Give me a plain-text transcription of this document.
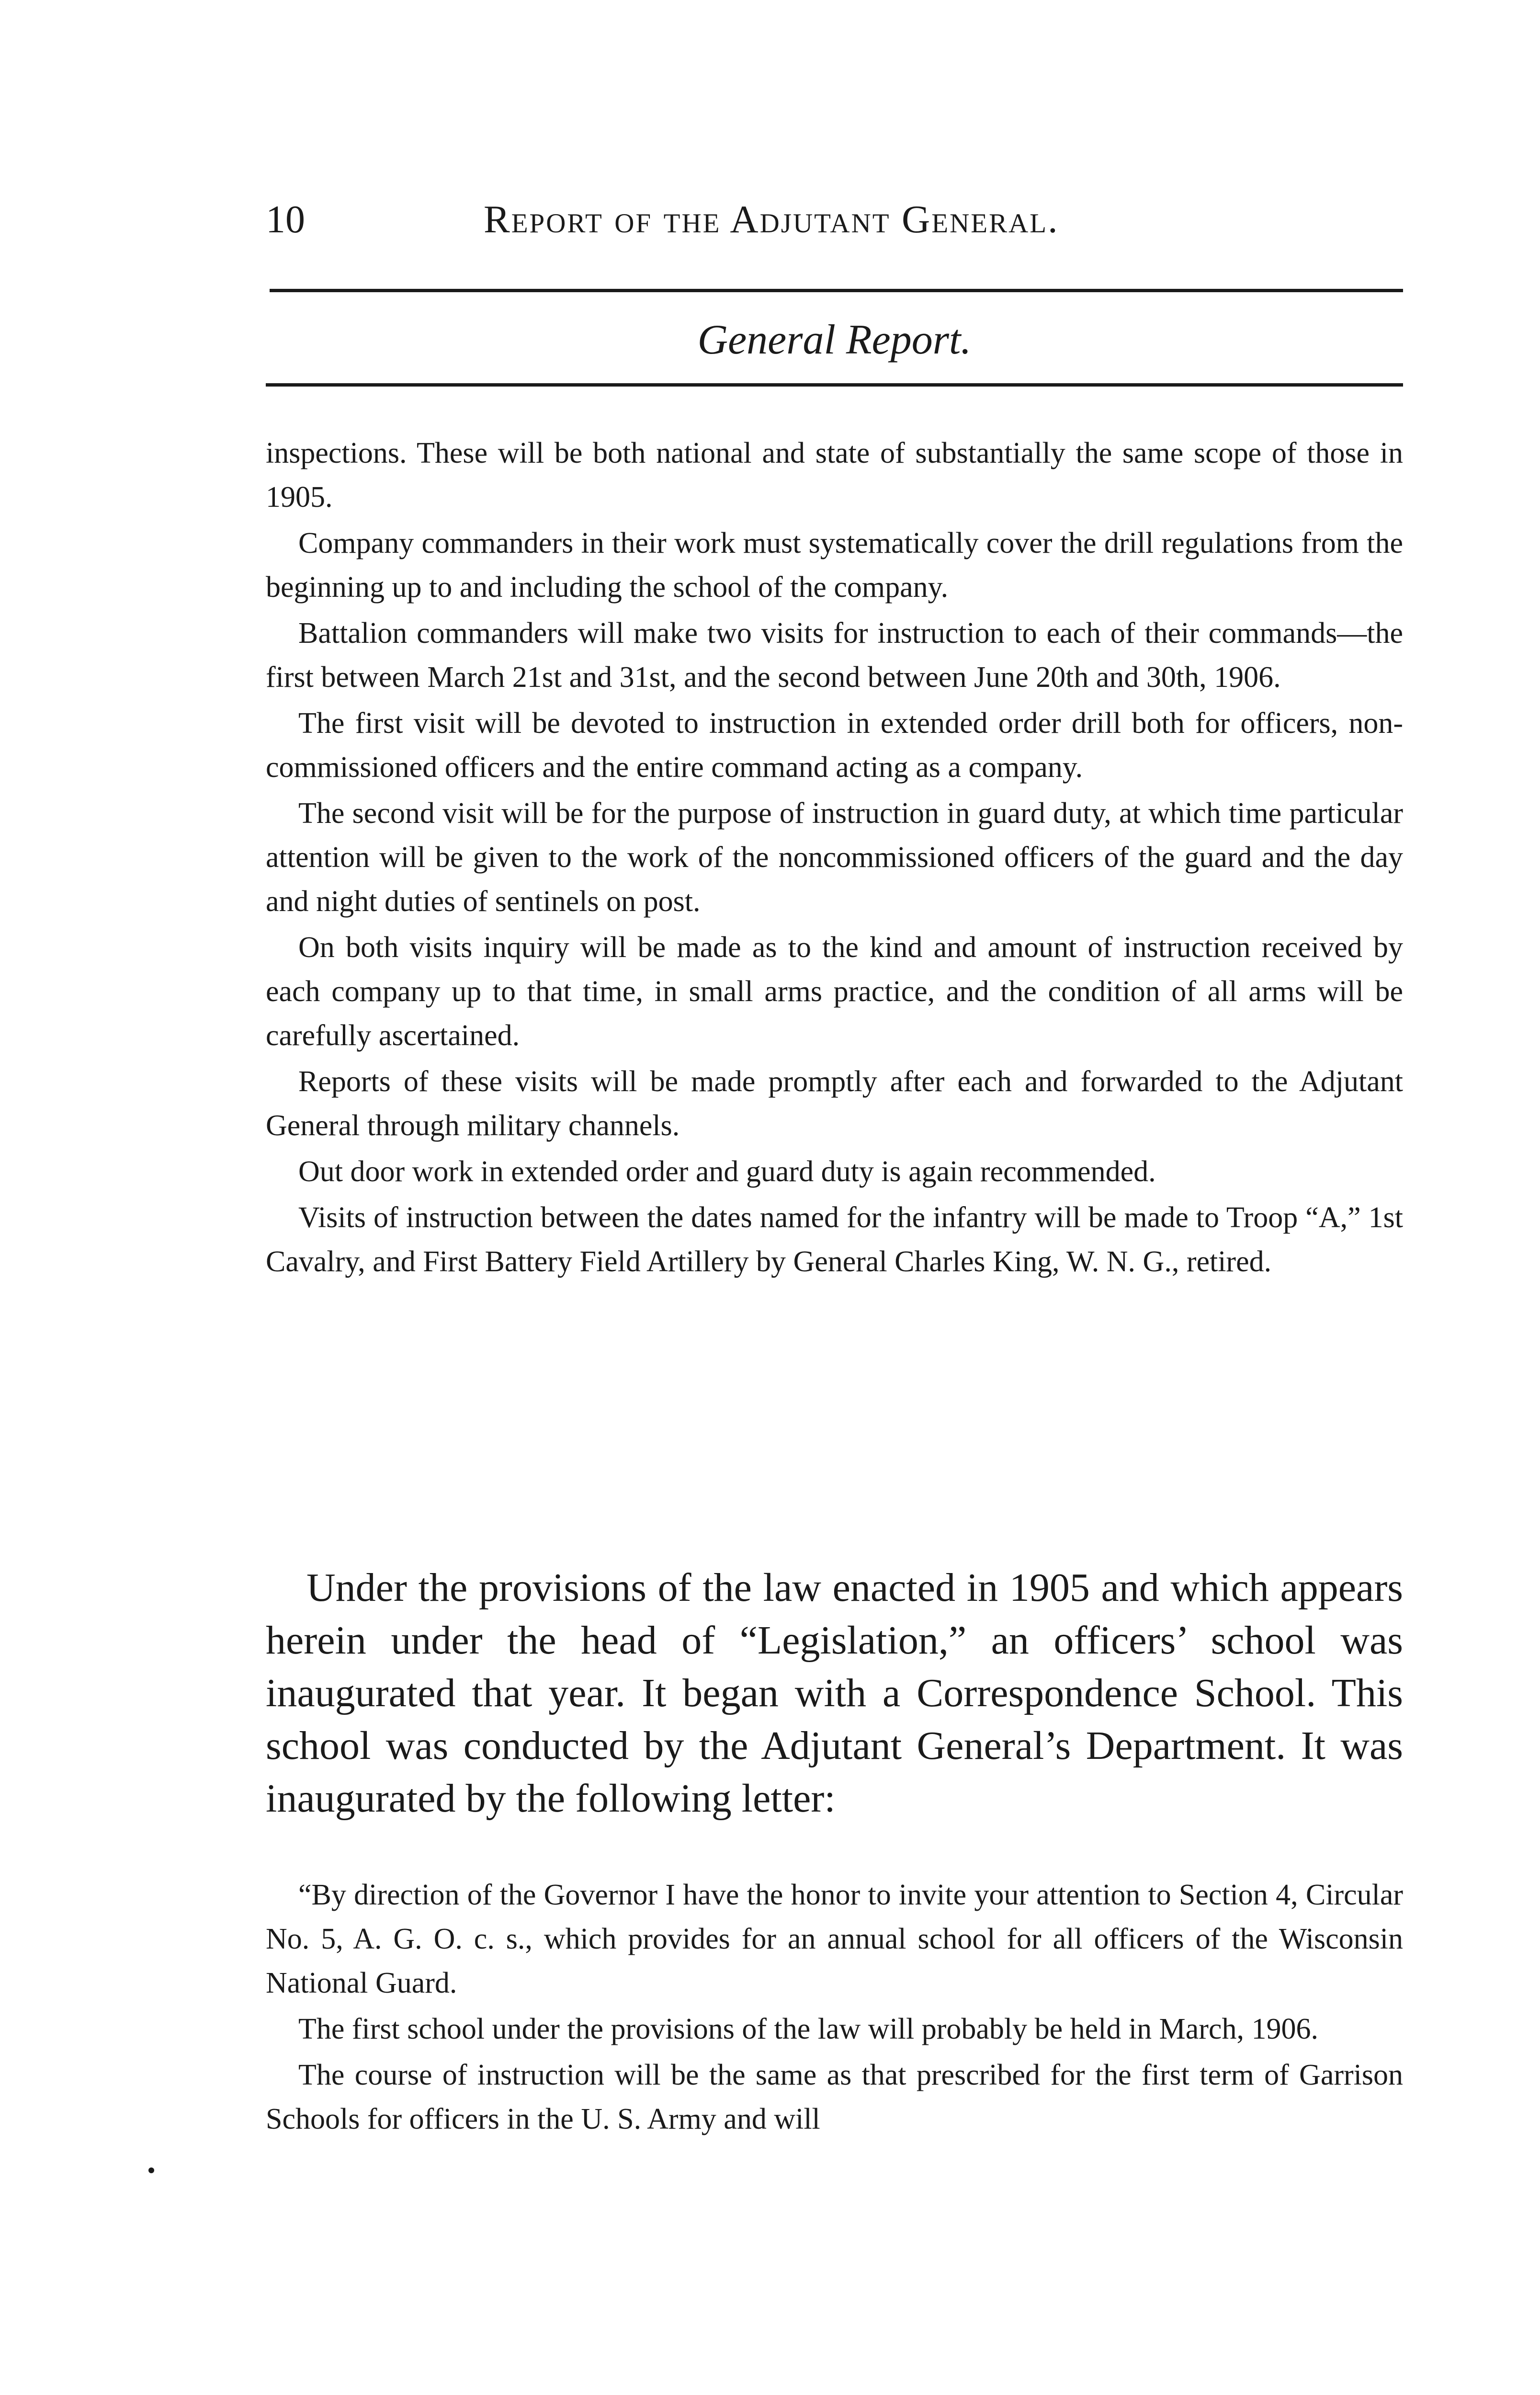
10	Report of the Adjutant General.
General Report.

inspections. These will be both national and state of substantially the same scope of those in 1905.

Company commanders in their work must systematically cover the drill regulations from the beginning up to and including the school of the company.

Battalion commanders will make two visits for instruction to each of their commands—the first between March 21st and 31st, and the second between June 20th and 30th, 1906.

The first visit will be devoted to instruction in extended order drill both for officers, non-commissioned officers and the entire command acting as a company.

The second visit will be for the purpose of instruction in guard duty, at which time particular attention will be given to the work of the noncommissioned officers of the guard and the day and night duties of sentinels on post.

On both visits inquiry will be made as to the kind and amount of instruction received by each company up to that time, in small arms practice, and the condition of all arms will be carefully ascertained.

Reports of these visits will be made promptly after each and forwarded to the Adjutant General through military channels.

Out door work in extended order and guard duty is again recommended.

Visits of instruction between the dates named for the infantry will be made to Troop “A,” 1st Cavalry, and First Battery Field Artillery by General Charles King, W. N. G., retired.

Under the provisions of the law enacted in 1905 and which appears herein under the head of “Legislation,” an officers’ school was inaugurated that year. It began with a Correspondence School. This school was conducted by the Adjutant General’s Department. It was inaugurated by the following letter:

“By direction of the Governor I have the honor to invite your attention to Section 4, Circular No. 5, A. G. O. c. s., which provides for an annual school for all officers of the Wisconsin National Guard.

The first school under the provisions of the law will probably be held in March, 1906.

The course of instruction will be the same as that prescribed for the first term of Garrison Schools for officers in the U. S. Army and will
